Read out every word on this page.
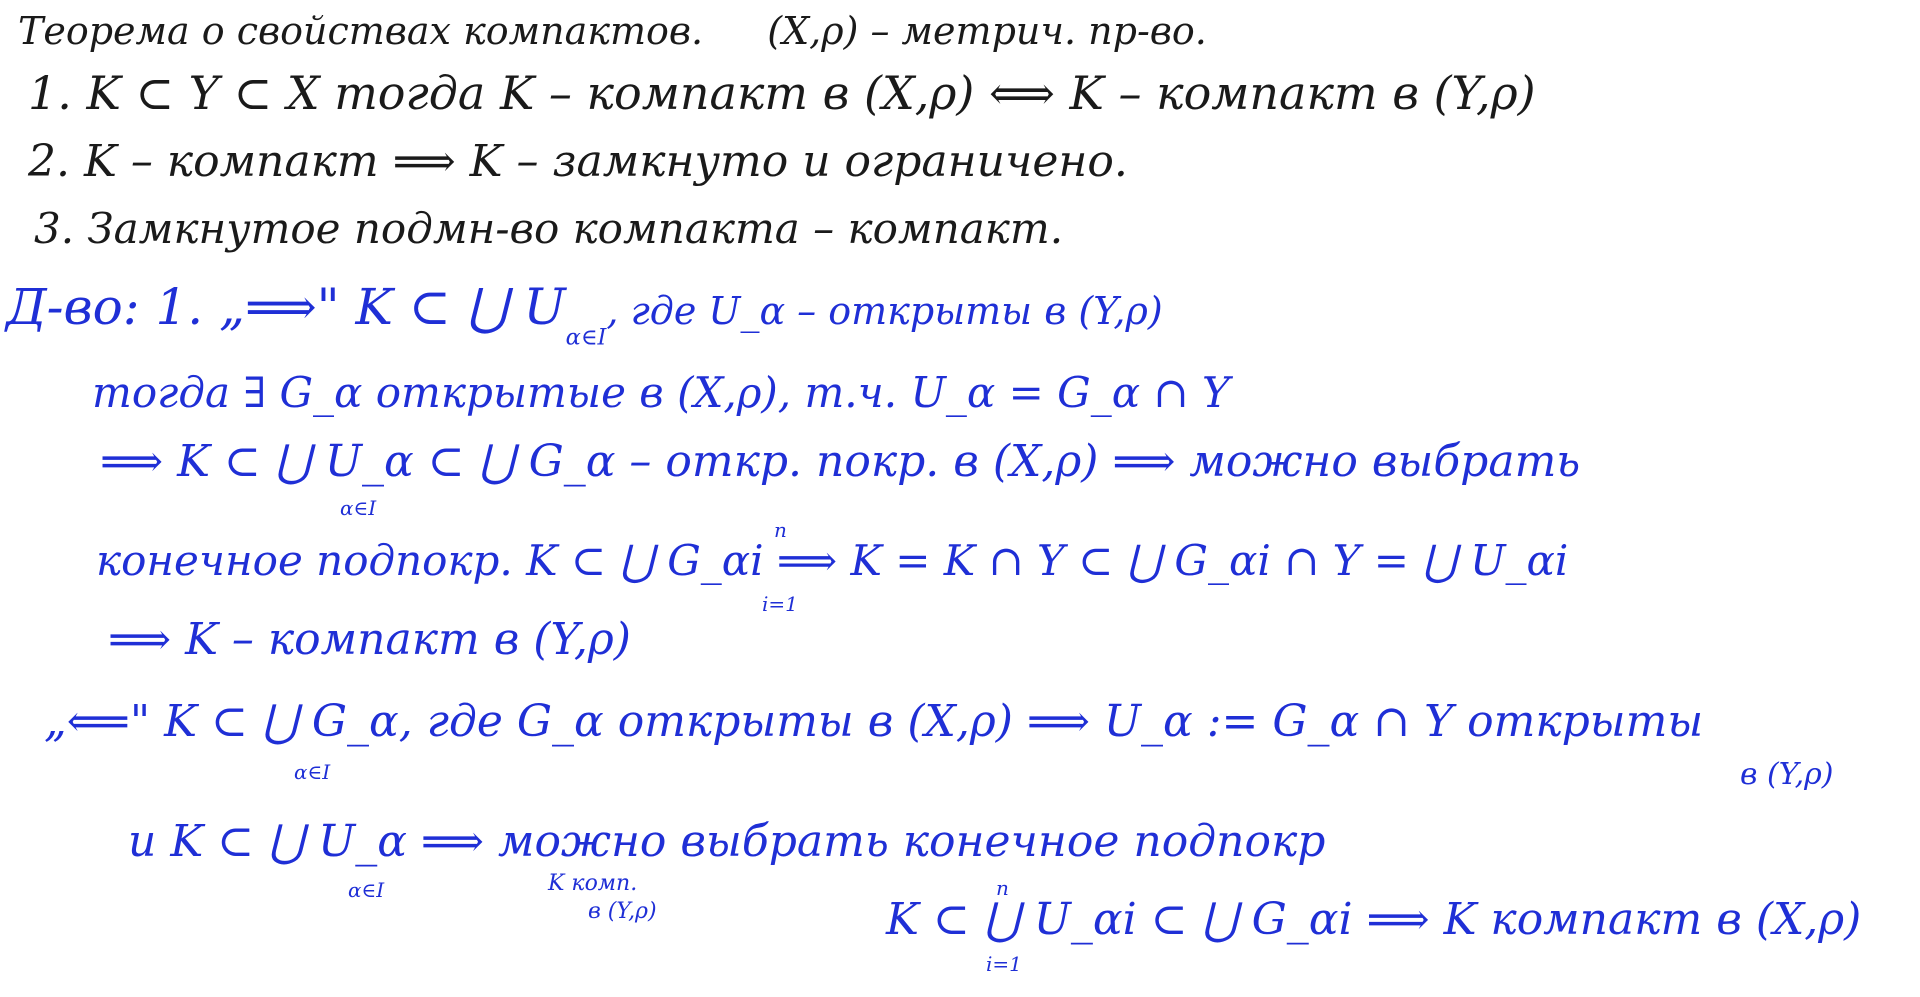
Теорема о свойствах компактов. (X,ρ) – метрич. пр-во.
1. K ⊂ Y ⊂ X тогда K – компакт в (X,ρ) ⟺ K – компакт в (Y,ρ)
2. K – компакт ⟹ K – замкнуто и ограничено.
3. Замкнутое подмн-во компакта – компакт.
Д-во: 1. „⟹" K ⊂ ⋃ $U_{\alpha\in I}$, где U_α – открыты в (Y,ρ)
тогда ∃ G_α открытые в (X,ρ), т.ч. U_α = G_α ∩ Y
⟹ K ⊂ ⋃ U_α ⊂ ⋃ G_α – откр. покр. в (X,ρ) ⟹ можно выбрать
α∈I
конечное подпокр. K ⊂ ⋃ G_αi ⟹ K = K ∩ Y ⊂ ⋃ G_αi ∩ Y = ⋃ U_αi
n
i=1
⟹ K – компакт в (Y,ρ)
„⟸" K ⊂ ⋃ G_α, где G_α открыты в (X,ρ) ⟹ U_α := G_α ∩ Y открыты
α∈I	в (Y,ρ)
и K ⊂ ⋃ U_α ⟹ можно выбрать конечное подпокр
α∈I	K комп.
в (Y,ρ)	K ⊂ ⋃ U_αi ⊂ ⋃ G_αi ⟹ K компакт в (X,ρ)
n
i=1
